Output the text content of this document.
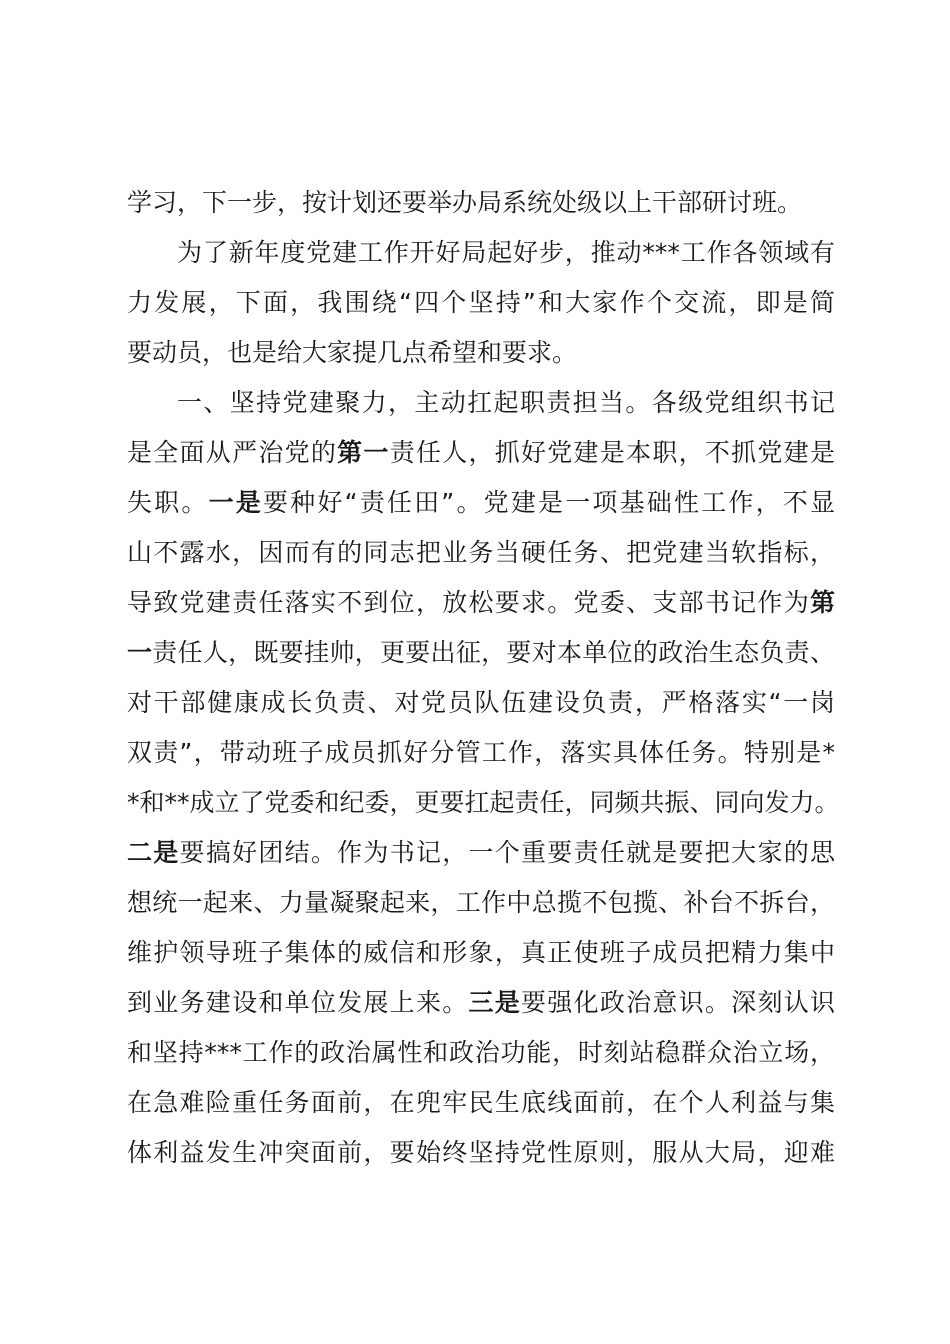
学习，下一步，按计划还要举办局系统处级以上干部研讨班。
为了新年度党建工作开好局起好步，推动***工作各领域有
力发展，下面，我围绕“四个坚持”和大家作个交流，即是简
要动员，也是给大家提几点希望和要求。
一、坚持党建聚力，主动扛起职责担当。各级党组织书记
是全面从严治党的第一责任人，抓好党建是本职，不抓党建是
失职。一是要种好“责任田”。党建是一项基础性工作，不显
山不露水，因而有的同志把业务当硬任务、把党建当软指标，
导致党建责任落实不到位，放松要求。党委、支部书记作为第
一责任人，既要挂帅，更要出征，要对本单位的政治生态负责、
对干部健康成长负责、对党员队伍建设负责，严格落实“一岗
双责”，带动班子成员抓好分管工作，落实具体任务。特别是*
*和**成立了党委和纪委，更要扛起责任，同频共振、同向发力。
二是要搞好团结。作为书记，一个重要责任就是要把大家的思
想统一起来、力量凝聚起来，工作中总揽不包揽、补台不拆台，
维护领导班子集体的威信和形象，真正使班子成员把精力集中
到业务建设和单位发展上来。三是要强化政治意识。深刻认识
和坚持***工作的政治属性和政治功能，时刻站稳群众治立场，
在急难险重任务面前，在兜牢民生底线面前，在个人利益与集
体利益发生冲突面前，要始终坚持党性原则，服从大局，迎难
